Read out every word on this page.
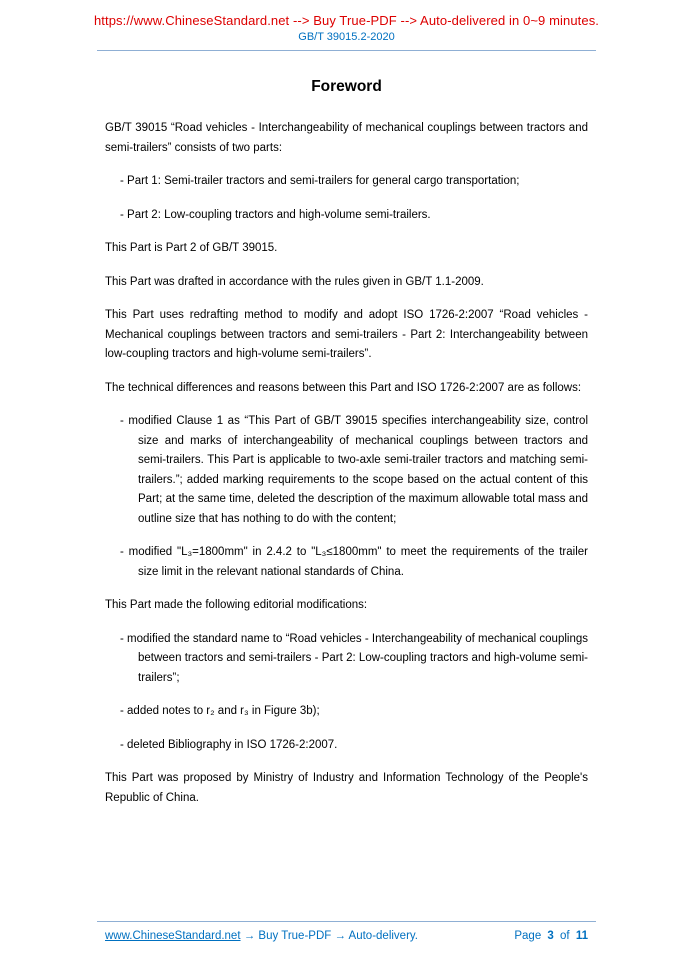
https://www.ChineseStandard.net --> Buy True-PDF --> Auto-delivered in 0~9 minutes.
GB/T 39015.2-2020
Foreword

GB/T 39015 “Road vehicles - Interchangeability of mechanical couplings between tractors and semi-trailers” consists of two parts:

- Part 1: Semi-trailer tractors and semi-trailers for general cargo transportation;

- Part 2: Low-coupling tractors and high-volume semi-trailers.

This Part is Part 2 of GB/T 39015.

This Part was drafted in accordance with the rules given in GB/T 1.1-2009.

This Part uses redrafting method to modify and adopt ISO 1726-2:2007 “Road vehicles - Mechanical couplings between tractors and semi-trailers - Part 2: Interchangeability between low-coupling tractors and high-volume semi-trailers”.

The technical differences and reasons between this Part and ISO 1726-2:2007 are as follows:

- modified Clause 1 as “This Part of GB/T 39015 specifies interchangeability size, control size and marks of interchangeability of mechanical couplings between tractors and semi-trailers. This Part is applicable to two-axle semi-trailer tractors and matching semi-trailers.”; added marking requirements to the scope based on the actual content of this Part; at the same time, deleted the description of the maximum allowable total mass and outline size that has nothing to do with the content;

- modified "L₃=1800mm" in 2.4.2 to "L₃≤1800mm" to meet the requirements of the trailer size limit in the relevant national standards of China.

This Part made the following editorial modifications:

- modified the standard name to “Road vehicles - Interchangeability of mechanical couplings between tractors and semi-trailers - Part 2: Low-coupling tractors and high-volume semi-trailers”;

- added notes to r₂ and r₃ in Figure 3b);

- deleted Bibliography in ISO 1726-2:2007.

This Part was proposed by Ministry of Industry and Information Technology of the People's Republic of China.

www.ChineseStandard.net → Buy True-PDF → Auto-delivery.	Page 3 of 11
